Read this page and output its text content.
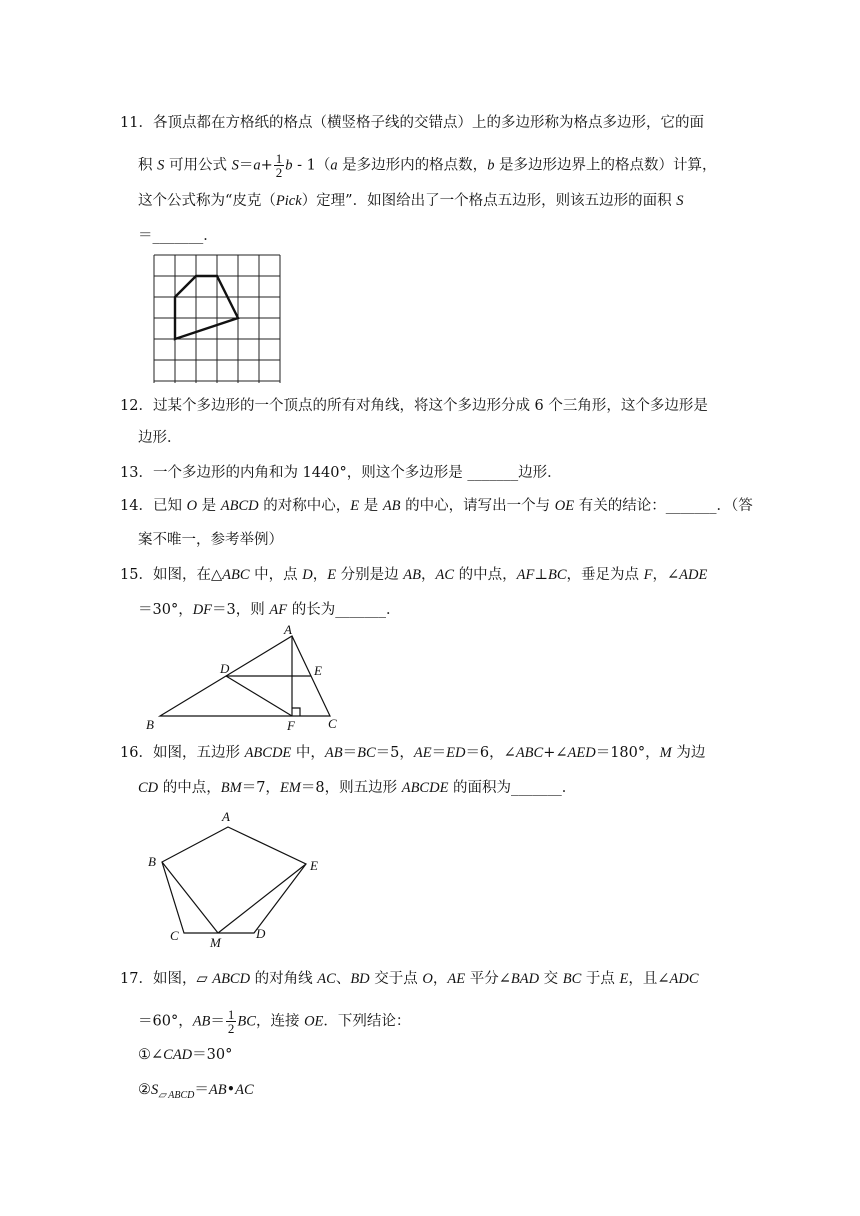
11．各顶点都在方格纸的格点（横竖格子线的交错点）上的多边形称为格点多边形，它的面
积 S 可用公式 $S=a+ \frac{1}{2}$ b - 1（a 是多边形内的格点数，b 是多边形边界上的格点数）计算，
这个公式称为“皮克（Pick）定理”．如图给出了一个格点五边形，则该五边形的面积 S
＝_______．
12．过某个多边形的一个顶点的所有对角线，将这个多边形分成 6 个三角形，这个多边形是
边形．
13．一个多边形的内角和为 1440°，则这个多边形是 _______边形．
14．已知 O 是 ABCD 的对称中心，E 是 AB 的中心，请写出一个与 OE 有关的结论：_______．（答
案不唯一，参考举例）
15．如图，在△ABC 中，点 D，E 分别是边 AB，AC 的中点，AF⊥BC，垂足为点 F，∠ADE
＝30°，DF＝3，则 AF 的长为_______．
A
B	C
D	E
F
16．如图，五边形 ABCDE 中，AB＝BC＝5，AE＝ED＝6，∠ABC+∠AED＝180°，M 为边
CD 的中点，BM＝7，EM＝8，则五边形 ABCDE 的面积为_______．
A
B
C	D
E
M
17．如图，▱ ABCD 的对角线 AC、BD 交于点 O，AE 平分∠BAD 交 BC 于点 E，且∠ADC
＝60°，$AB= \frac{1}{2}$ BC，连接 OE．下列结论：
①∠CAD＝30°
$②S_{▱ ABCD}=AB•AC$
